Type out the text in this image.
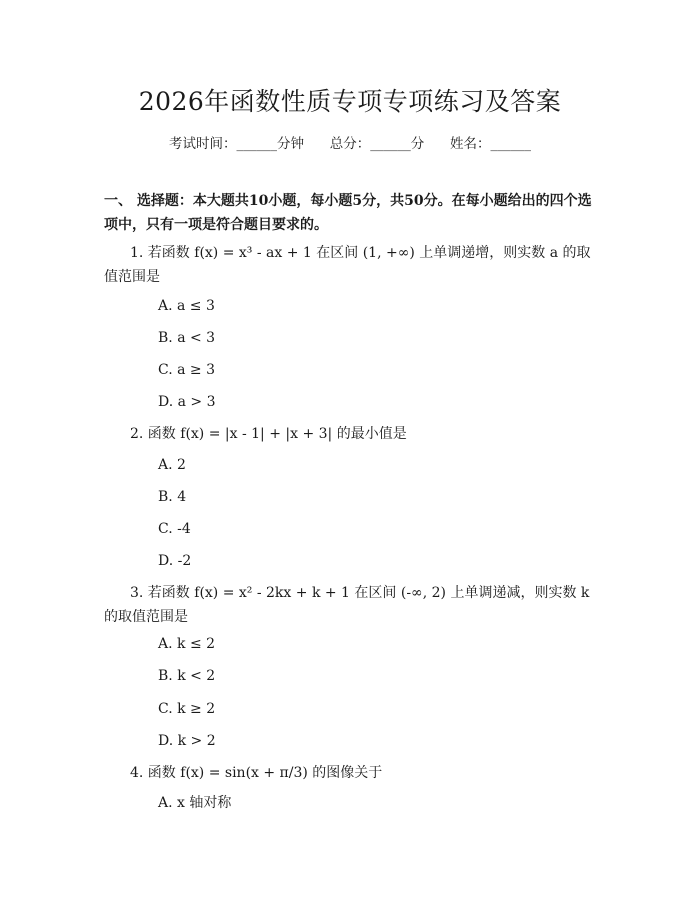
2026年函数性质专项专项练习及答案
考试时间：______分钟      总分：______分      姓名：______
一、 选择题：本大题共10小题，每小题5分，共50分。在每小题给出的四个选项中，只有一项是符合题目要求的。
1. 若函数 f(x) = x³ - ax + 1 在区间 (1, +∞) 上单调递增，则实数 a 的取值范围是
A. a ≤ 3
B. a < 3
C. a ≥ 3
D. a > 3
2. 函数 f(x) = |x - 1| + |x + 3| 的最小值是
A. 2
B. 4
C. -4
D. -2
3. 若函数 f(x) = x² - 2kx + k + 1 在区间 (-∞, 2) 上单调递减，则实数 k 的取值范围是
A. k ≤ 2
B. k < 2
C. k ≥ 2
D. k > 2
4. 函数 f(x) = sin(x + π/3) 的图像关于
A. x 轴对称
